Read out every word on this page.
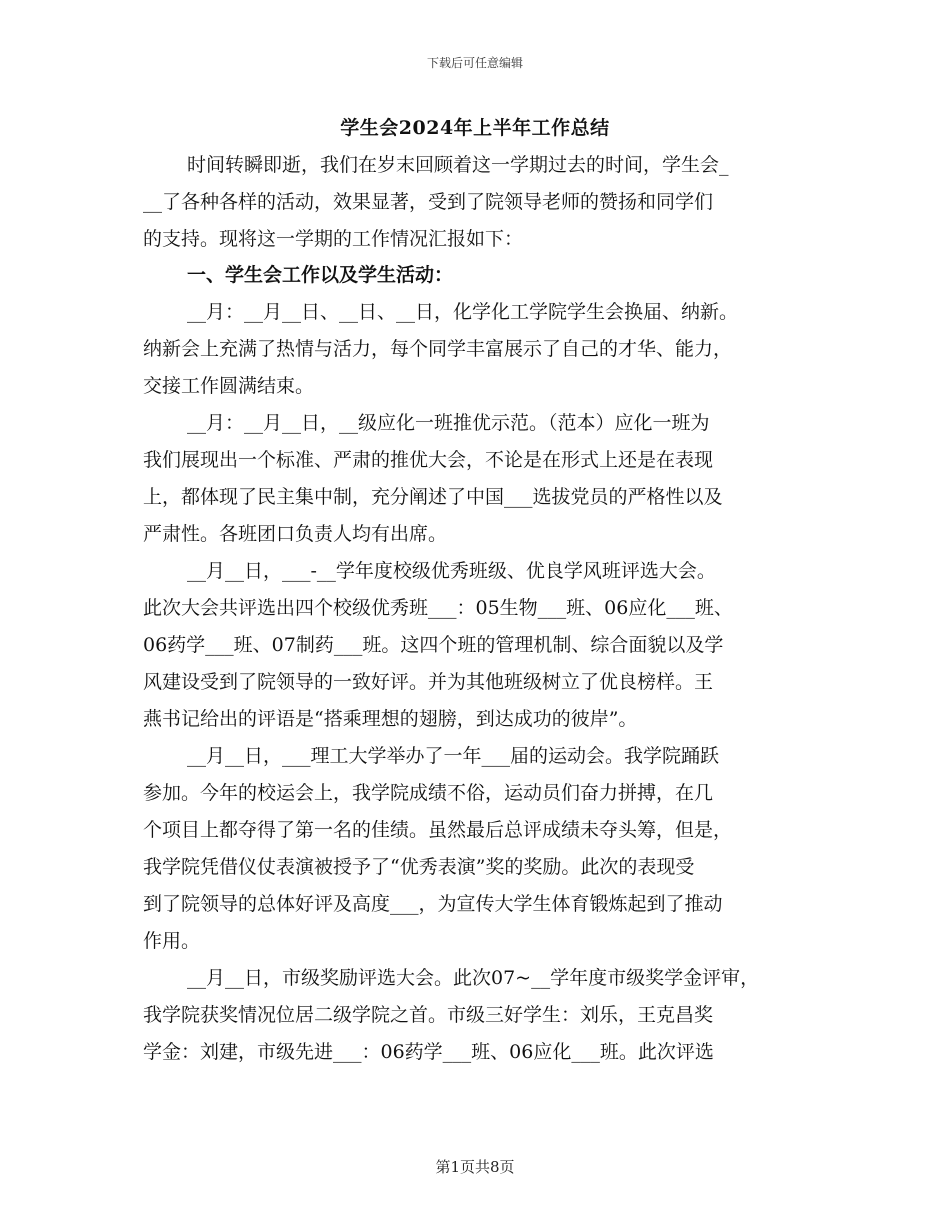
下载后可任意编辑
学生会2024年上半年工作总结
时间转瞬即逝，我们在岁末回顾着这一学期过去的时间，学生会_
__了各种各样的活动，效果显著，受到了院领导老师的赞扬和同学们
的支持。现将这一学期的工作情况汇报如下：
一、学生会工作以及学生活动：
__月：__月__日、__日、__日，化学化工学院学生会换届、纳新。
纳新会上充满了热情与活力，每个同学丰富展示了自己的才华、能力，
交接工作圆满结束。
__月：__月__日，__级应化一班推优示范。（范本）应化一班为
我们展现出一个标准、严肃的推优大会，不论是在形式上还是在表现
上，都体现了民主集中制，充分阐述了中国___选拔党员的严格性以及
严肃性。各班团口负责人均有出席。
__月__日，___-__学年度校级优秀班级、优良学风班评选大会。
此次大会共评选出四个校级优秀班___：05生物___班、06应化___班、
06药学___班、07制药___班。这四个班的管理机制、综合面貌以及学
风建设受到了院领导的一致好评。并为其他班级树立了优良榜样。王
燕书记给出的评语是“搭乘理想的翅膀，到达成功的彼岸”。
__月__日，___理工大学举办了一年___届的运动会。我学院踊跃
参加。今年的校运会上，我学院成绩不俗，运动员们奋力拼搏，在几
个项目上都夺得了第一名的佳绩。虽然最后总评成绩未夺头筹，但是，
我学院凭借仪仗表演被授予了“优秀表演”奖的奖励。此次的表现受
到了院领导的总体好评及高度___，为宣传大学生体育锻炼起到了推动
作用。
__月__日，市级奖励评选大会。此次07~__学年度市级奖学金评审，
我学院获奖情况位居二级学院之首。市级三好学生：刘乐，王克昌奖
学金：刘建，市级先进___：06药学___班、06应化___班。此次评选
第1页共8页
